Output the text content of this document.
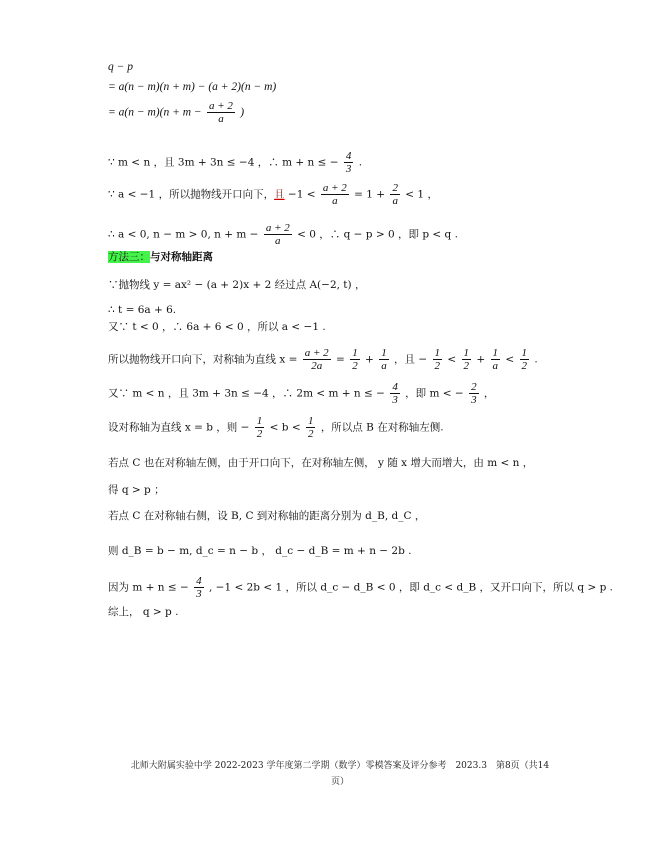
q − p
= a(n − m)(n + m) − (a + 2)(n − m)
= $a(n - m)(n + m - \frac{a + 2}{a}$ )
∵ m < n ，且 3m + 3n ≤ −4 ，∴ m + n ≤ − $\frac{4}{3}$ .
∵ a < −1 ，所以抛物线开口向下，且 $-1 < \frac{a + 2}{a} = 1 + \frac{2}{a} < 1$ ，
∴ a < 0, n − m > 0, $n + m - \frac{a + 2}{a} < 0$ ，∴ q − p > 0 ，即 p < q .
方法三：与对称轴距离
∵抛物线 y = ax² − (a + 2)x + 2 经过点 A(−2, t) ，
∴ t = 6a + 6.
又∵ t < 0 ，∴ 6a + 6 < 0 ，所以 a < −1 .
所以抛物线开口向下，对称轴为直线 $x = \frac{a + 2}{2a} = \frac{1}{2} + \frac{1}{a}$ ，且 − $\frac{1}{2} < \frac{1}{2} + \frac{1}{a} < \frac{1}{2}$ .
又∵ m < n ，且 3m + 3n ≤ −4 ，∴ 2m < m + n ≤ − $\frac{4}{3}$ ，即 m < − $\frac{2}{3}$ ，
设对称轴为直线 x = b ，则 − $\frac{1}{2} < b < \frac{1}{2}$ ，所以点 B 在对称轴左侧.
若点 C 也在对称轴左侧，由于开口向下，在对称轴左侧， y 随 x 增大而增大，由 m < n ，
得 q > p ；
若点 C 在对称轴右侧，设 B, C 到对称轴的距离分别为 d_B, d_C ，
则 d_B = b − m, d_c = n − b ， d_c − d_B = m + n − 2b .
因为 m + n ≤ − $\frac{4}{3}$ , −1 < 2b < 1 ，所以 d_c − d_B < 0 ，即 d_c < d_B ，又开口向下，所以 q > p .
综上， q > p .
北师大附属实验中学 2022-2023 学年度第二学期（数学）零模答案及评分参考　2023.3　第8页（共14
页）
